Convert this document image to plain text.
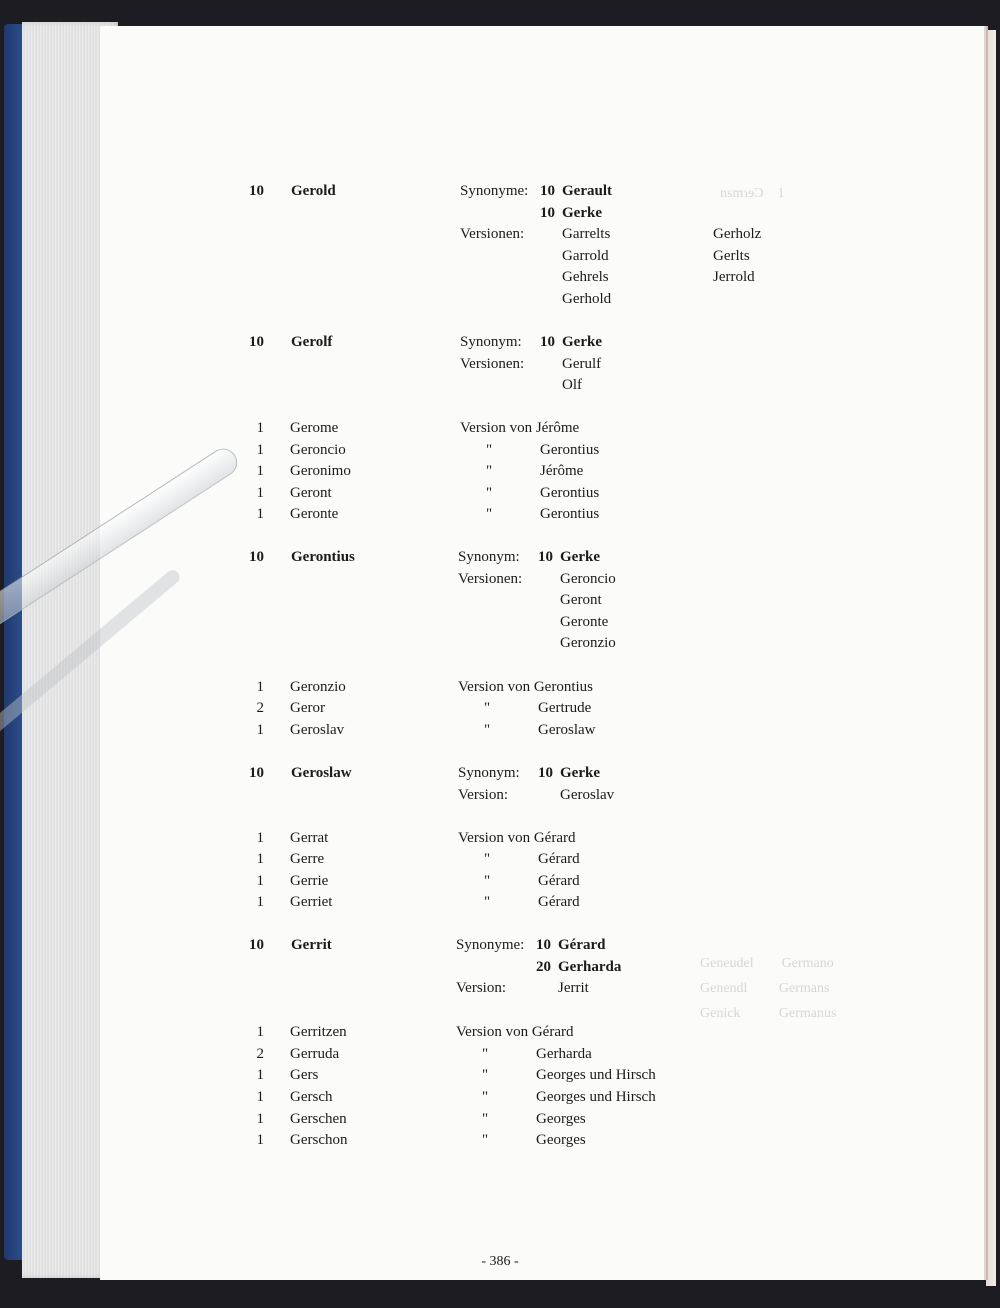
nsmɿɘƆ    1
Geneudel        Germano
Genendl         Germans
Genick           Germanus
10 Gerold	Synonyme: 10 Gerault
10 Gerke
Versionen:	Garrelts	Gerholz
Garrold	Gerlts
Gehrels	Jerrold
Gerhold
10 Gerolf	Synonym: 10 Gerke
Versionen:	Gerulf
Olf
1 Gerome	Version von Jérôme
1 Geroncio	"	Gerontius
1 Geronimo	"	Jérôme
1 Geront	"	Gerontius
1 Geronte	"	Gerontius
10 Gerontius	Synonym: 10 Gerke
Versionen:	Geroncio
Geront
Geronte
Geronzio
1 Geronzio	Version von Gerontius
2 Geror	"	Gertrude
1 Geroslav	"	Geroslaw
10 Geroslaw	Synonym: 10 Gerke
Version:	Geroslav
1 Gerrat	Version von Gérard
1 Gerre	"	Gérard
1 Gerrie	"	Gérard
1 Gerriet	"	Gérard
10 Gerrit	Synonyme: 10 Gérard
20 Gerharda
Version:	Jerrit
1 Gerritzen	Version von Gérard
2 Gerruda	"	Gerharda
1 Gers	"	Georges und Hirsch
1 Gersch	"	Georges und Hirsch
1 Gerschen	"	Georges
1 Gerschon	"	Georges
- 386 -
